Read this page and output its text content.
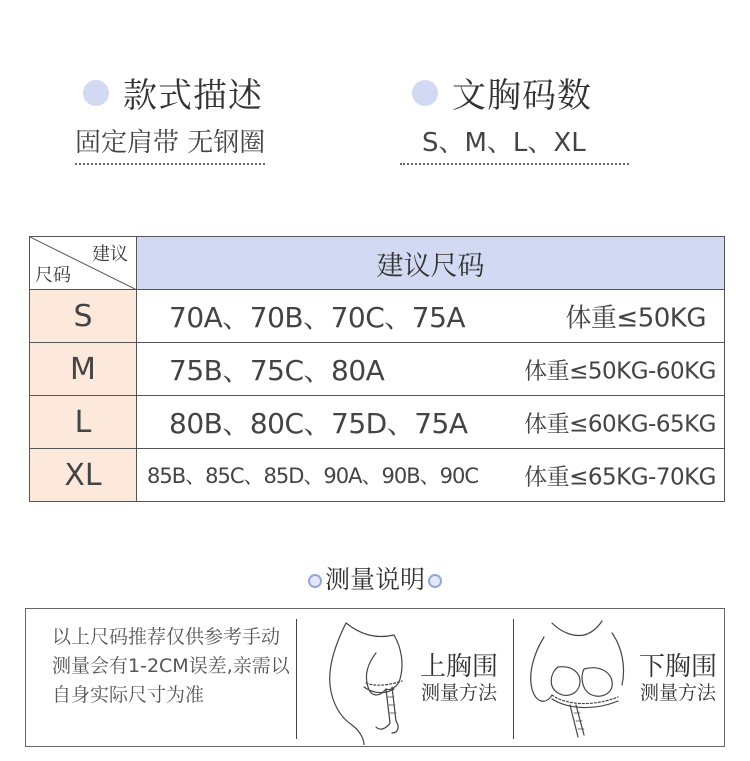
款式描述
固定肩带 无钢圈
文胸码数
S、M、L、XL
建议
尺码	建议尺码
S	70A、70B、70C、75A 体重≤50KG

M	75B、75C、80A 体重≤50KG-60KG

L	80B、80C、75D、75A 体重≤60KG-65KG

XL	85B、85C、85D、90A、90B、90C 体重≤65KG-70KG
测量说明
以上尺码推荐仅供参考手动测量会有1-2CM误差,亲需以自身实际尺寸为准
上胸围
测量方法
下胸围
测量方法
